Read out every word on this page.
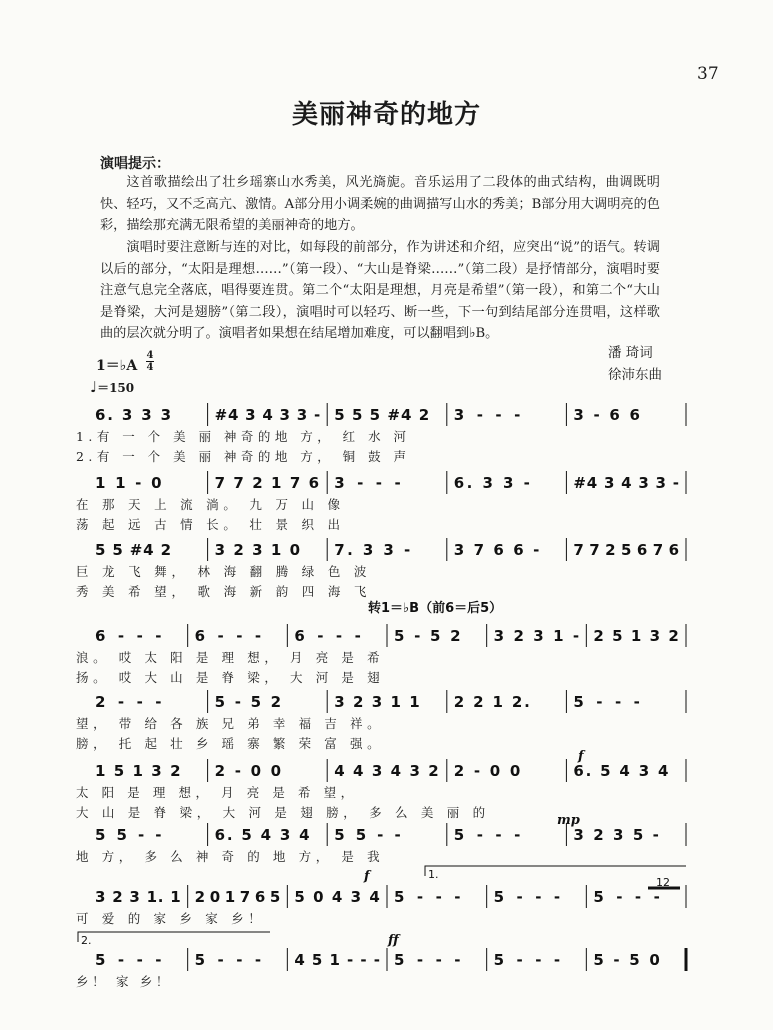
37
美丽神奇的地方
演唱提示：
这首歌描绘出了壮乡瑶寨山水秀美，风光旖旎。音乐运用了二段体的曲式结构，曲调既明快、轻巧，又不乏高亢、激情。A部分用小调柔婉的曲调描写山水的秀美；B部分用大调明亮的色彩，描绘那充满无限希望的美丽神奇的地方。
演唱时要注意断与连的对比，如每段的前部分，作为讲述和介绍，应突出“说”的语气。转调以后的部分，“太阳是理想……”（第一段）、“大山是脊梁……”（第二段）是抒情部分，演唱时要注意气息完全落底，唱得要连贯。第二个“太阳是理想，月亮是希望”（第一段），和第二个“大山是脊梁，大河是翅膀”（第二段），演唱时可以轻巧、断一些，下一句到结尾部分连贯唱，这样歌曲的层次就分明了。演唱者如果想在结尾增加难度，可以翻唱到♭B。
潘 琦词
徐沛东曲
1＝♭A
4
4
♩＝150
6. 3 3 3	#4 3 4 3 3 - 5 5 5 #4 2 3 - - -	3 - 6 6
1.有 一 个 美 丽 神奇的地 方， 红 水 河
2.有 一 个 美 丽 神奇的地 方， 铜 鼓 声
1 1 - 0	7 7 2 1 7 6 3 - - -	6. 3 3 -	#4 3 4 3 3 -
在 那 天 上 流 淌。 九 万 山 像
荡 起 远 古 情 长。 壮 景 织 出
5 5 #4 2	3 2 3 1 0 7. 3 3 -	3 7 6 6 - 7 7 2 5 6 7 6
巨 龙 飞 舞， 林 海 翻 腾 绿 色 波
秀 美 希 望， 歌 海 新 韵 四 海 飞
6 - - - 6 - - - 6 - - - 5 - 5 2 3 2 3 1 - 2 5 1 3 2
浪。 哎 太 阳 是 理 想， 月 亮 是 希
扬。 哎 大 山 是 脊 梁， 大 河 是 翅
2 - - -	5 - 5 2	3 2 3 1 1 2 2 1 2.	5 - - -
望， 带 给 各 族 兄 弟 幸 福 吉 祥。
膀， 托 起 壮 乡 瑶 寨 繁 荣 富 强。
1 5 1 3 2 2 - 0 0	4 4 3 4 3 2 2 - 0 0	6. 5 4 3 4
太 阳 是 理 想， 月 亮 是 希 望，
大 山 是 脊 梁， 大 河 是 翅 膀， 多 么 美 丽 的
5 5 - -	6. 5 4 3 4 5 5 - -	5 - - -	3 2 3 5 -
地 方， 多 么 神 奇 的 地 方， 是 我
3 2 3 1. 1 2 0 1 7 6 5 5 0 4 3 4 5 - - - 5 - - - 5 - - -
可 爱 的 家 乡 家 乡！
5 - - - 5 - - - 4 5 1 - - - 5 - - - 5 - - - 5 - 5 0
乡！ 家 乡！
转1＝♭B（前6＝后5）
f
mp
f
ff
1.
2.
12
